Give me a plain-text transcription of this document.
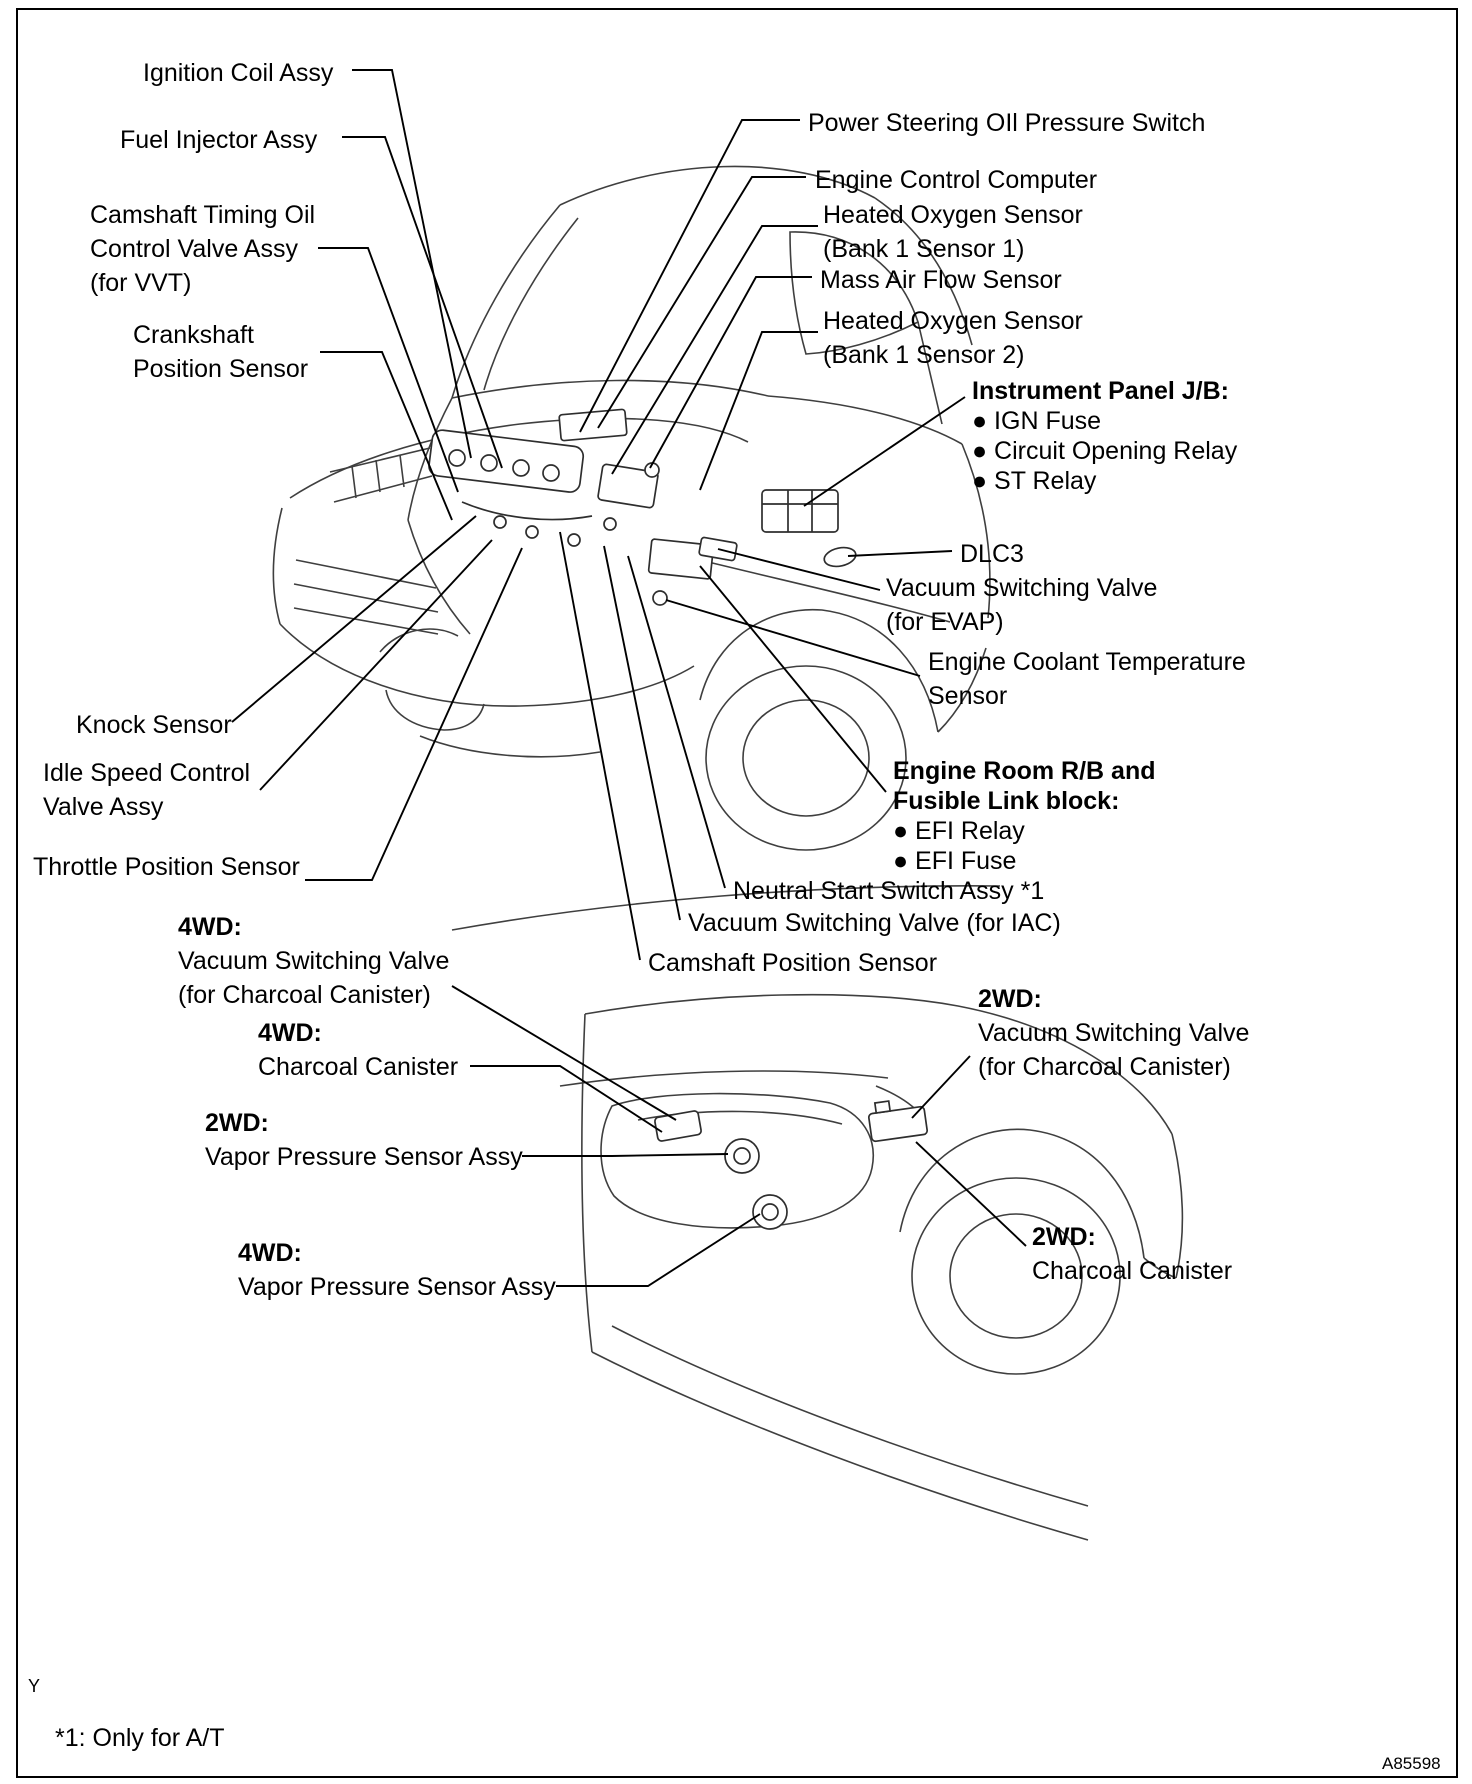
Ignition Coil Assy
Fuel Injector Assy
Camshaft Timing Oil
Control Valve Assy
(for VVT)
Crankshaft
Position Sensor
Knock Sensor
Idle Speed Control
Valve Assy
Throttle Position Sensor
4WD:
Vacuum Switching Valve
(for Charcoal Canister)
4WD:
Charcoal Canister
2WD:
Vapor Pressure Sensor Assy
4WD:
Vapor Pressure Sensor Assy
Power Steering OIl Pressure Switch
Engine Control Computer
Heated Oxygen Sensor
(Bank 1 Sensor 1)
Mass Air Flow Sensor
Heated Oxygen Sensor
(Bank 1 Sensor 2)
Instrument Panel J/B:
● IGN Fuse
● Circuit Opening Relay
● ST Relay
DLC3
Vacuum Switching Valve
(for EVAP)
Engine Coolant Temperature
Sensor
Engine Room R/B and
Fusible Link block:
● EFI Relay
● EFI Fuse
Neutral Start Switch Assy *1
Vacuum Switching Valve (for IAC)
Camshaft Position Sensor
2WD:
Vacuum Switching Valve
(for Charcoal Canister)
2WD:
Charcoal Canister
Y
*1: Only for A/T
A85598
